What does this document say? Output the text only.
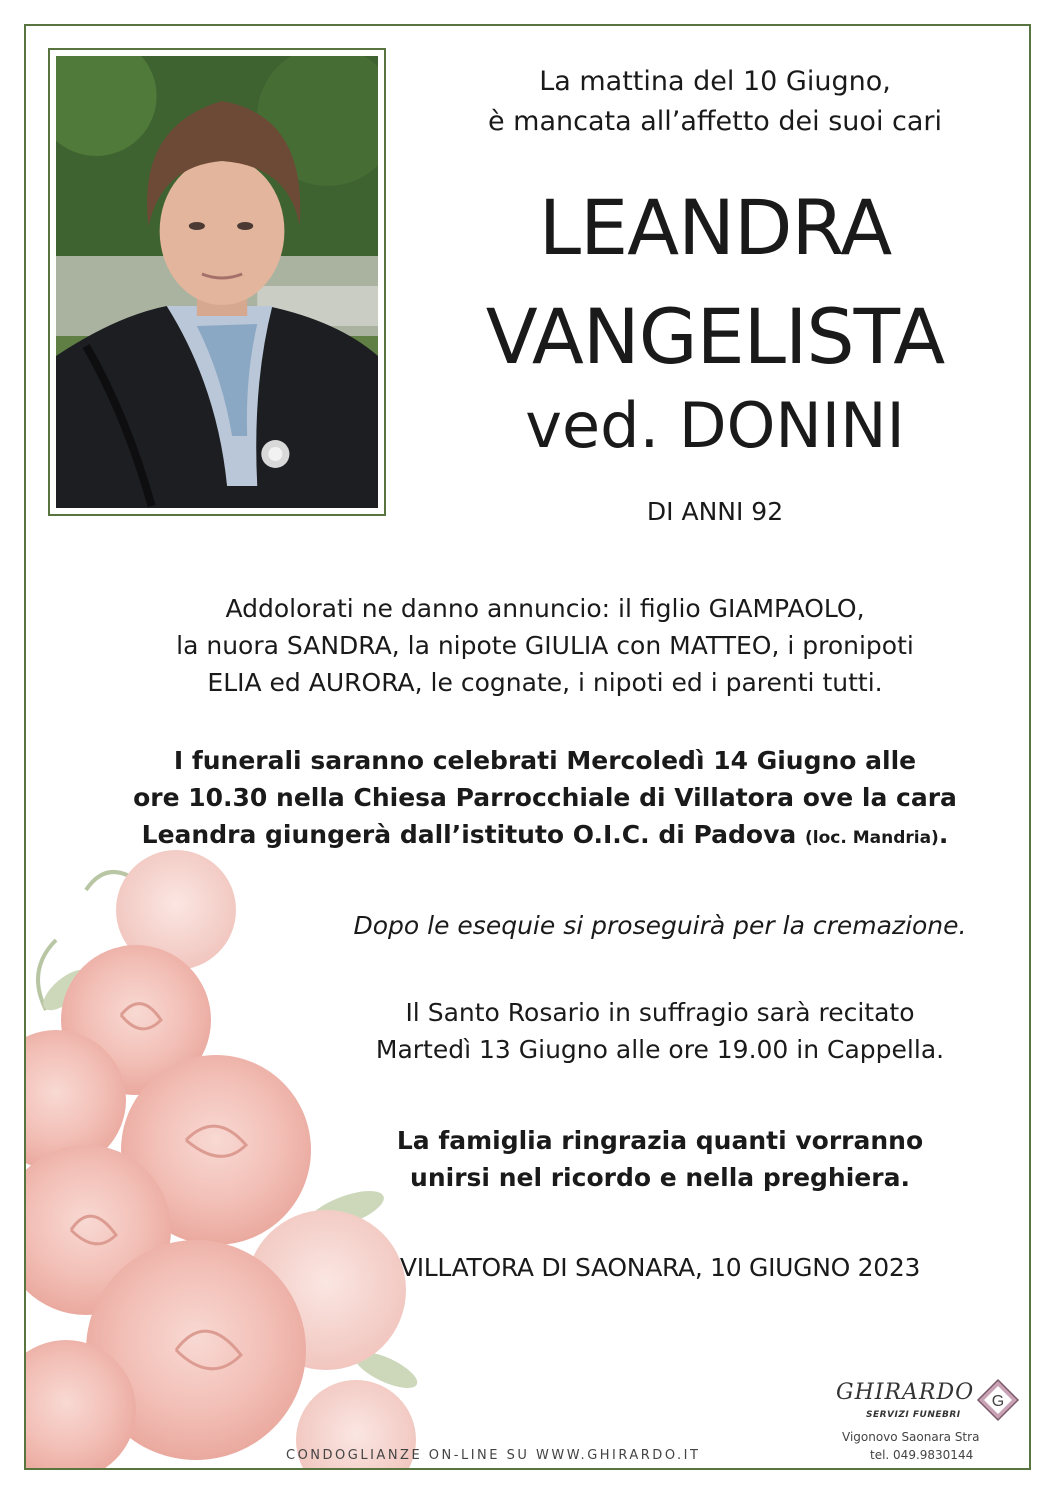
La mattina del 10 Giugno,
è mancata all’affetto dei suoi cari
LEANDRA
VANGELISTA
ved. DONINI
DI ANNI 92
Addolorati ne danno annuncio: il figlio GIAMPAOLO,
la nuora SANDRA, la nipote GIULIA con MATTEO, i pronipoti
ELIA ed AURORA, le cognate, i nipoti ed i parenti tutti.
I funerali saranno celebrati Mercoledì 14 Giugno alle
ore 10.30 nella Chiesa Parrocchiale di Villatora ove la cara
Leandra giungerà dall’istituto O.I.C. di Padova (loc. Mandria).
Dopo le esequie si proseguirà per la cremazione.
Il Santo Rosario in suffragio sarà recitato
Martedì 13 Giugno alle ore 19.00 in Cappella.
La famiglia ringrazia quanti vorranno
unirsi nel ricordo e nella preghiera.
VILLATORA DI SAONARA, 10 GIUGNO 2023
CONDOGLIANZE ON-LINE SU WWW.GHIRARDO.IT
GHIRARDO
SERVIZI FUNEBRI
G
Vigonovo Saonara Stra
tel. 049.9830144
